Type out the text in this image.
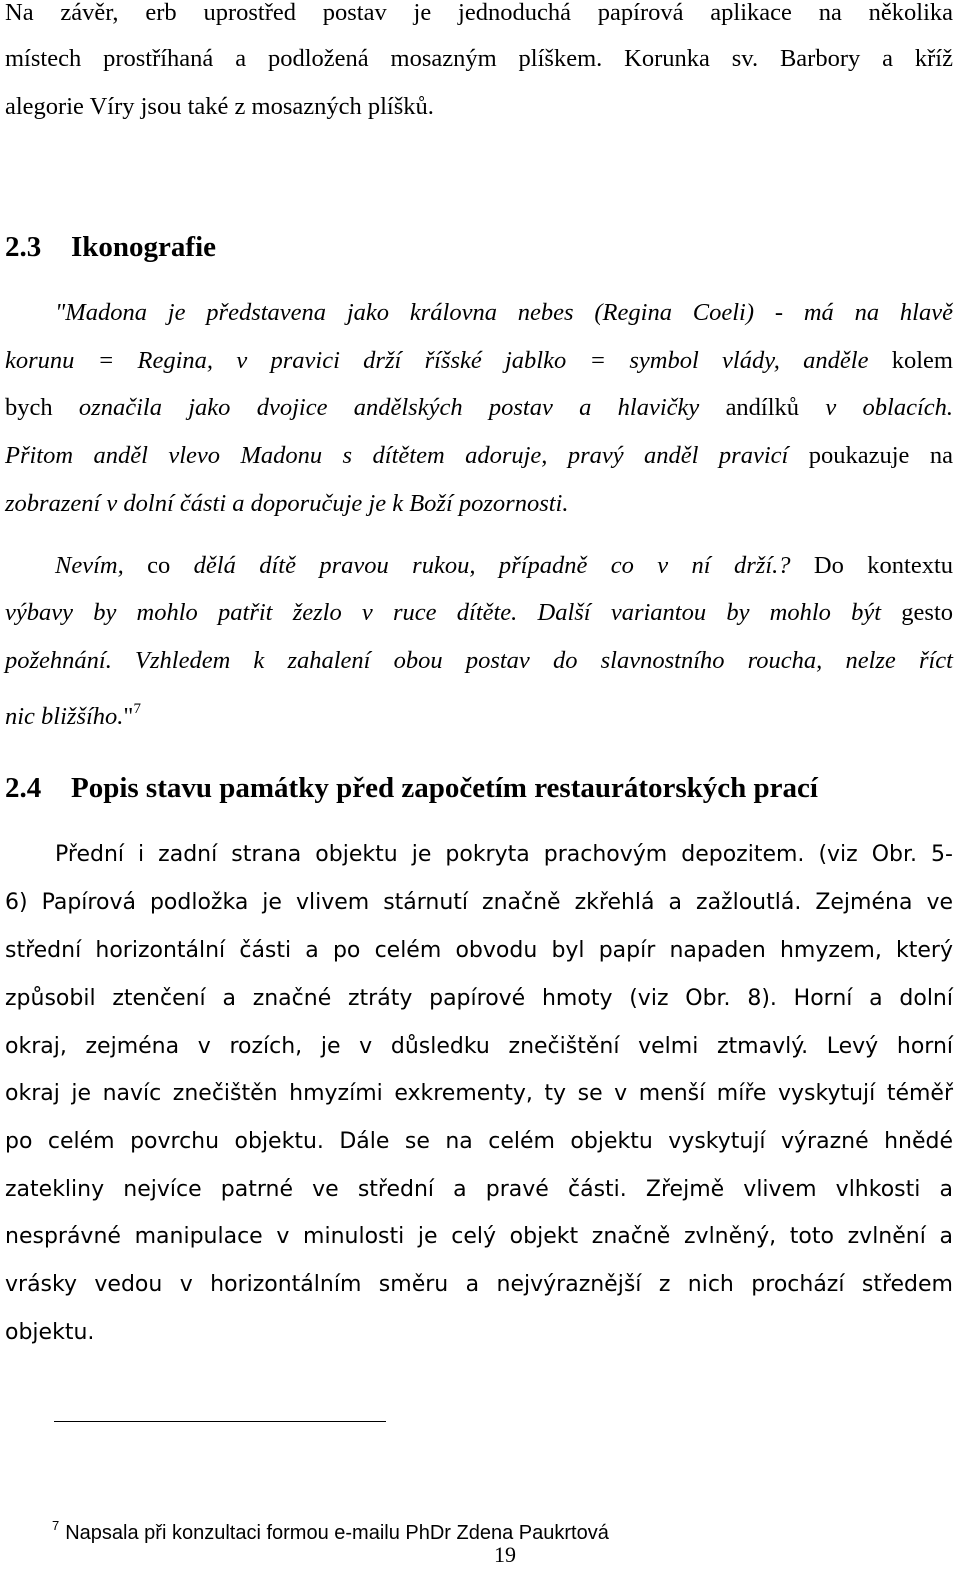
Na závěr, erb uprostřed postav je jednoduchá papírová aplikace na několika
místech prostříhaná a podložená mosazným plíškem. Korunka sv. Barbory a kříž
alegorie Víry jsou také z mosazných plíšků.
2.3 Ikonografie
"Madona je představena jako královna nebes (Regina Coeli) - má na hlavě
korunu = Regina, v pravici drží říšské jablko = symbol vlády, anděle kolem
bych označila jako dvojice andělských postav a hlavičky andílků v oblacích.
Přitom anděl vlevo Madonu s dítětem adoruje, pravý anděl pravicí poukazuje na
zobrazení v dolní části a doporučuje je k Boží pozornosti.
Nevím, co dělá dítě pravou rukou, případně co v ní drží.? Do kontextu
výbavy by mohlo patřit žezlo v ruce dítěte. Další variantou by mohlo být gesto
požehnání. Vzhledem k zahalení obou postav do slavnostního roucha, nelze říct
nic bližšího."$^7$
2.4 Popis stavu památky před započetím restaurátorských prací
Přední i zadní strana objektu je pokryta prachovým depozitem. (viz Obr. 5-
6) Papírová podložka je vlivem stárnutí značně zkřehlá a zažloutlá. Zejména ve
střední horizontální části a po celém obvodu byl papír napaden hmyzem, který
způsobil ztenčení a značné ztráty papírové hmoty (viz Obr. 8). Horní a dolní
okraj, zejména v rozích, je v důsledku znečištění velmi ztmavlý. Levý horní
okraj je navíc znečištěn hmyzími exkrementy, ty se v menší míře vyskytují téměř
po celém povrchu objektu. Dále se na celém objektu vyskytují výrazné hnědé
zatekliny nejvíce patrné ve střední a pravé části. Zřejmě vlivem vlhkosti a
nesprávné manipulace v minulosti je celý objekt značně zvlněný, toto zvlnění a
vrásky vedou v horizontálním směru a nejvýraznější z nich prochází středem
objektu.
$^7$ Napsala při konzultaci formou e-mailu PhDr Zdena Paukrtová
19
